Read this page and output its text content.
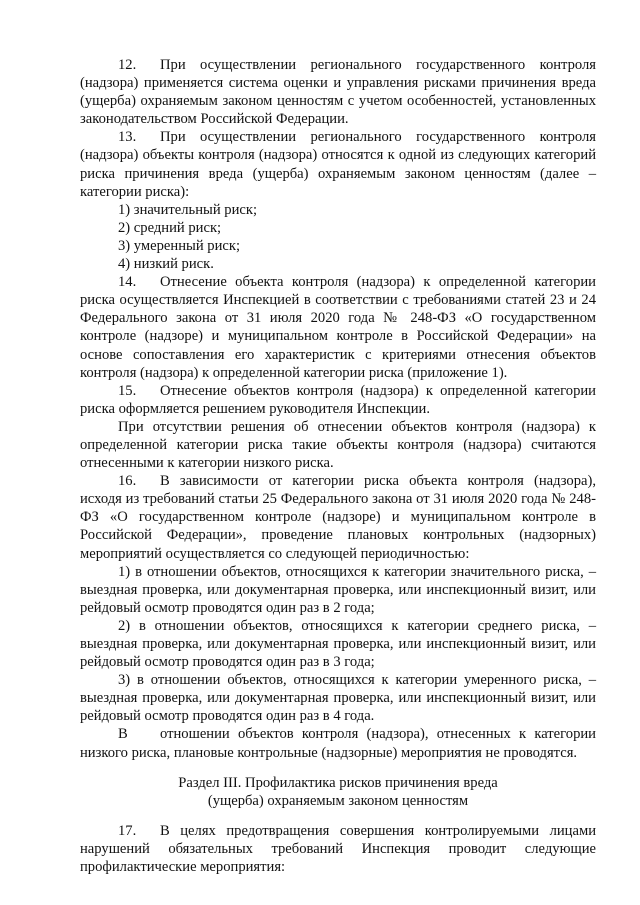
12. При осуществлении регионального государственного контроля (надзора) применяется система оценки и управления рисками причинения вреда (ущерба) охраняемым законом ценностям с учетом особенностей, установленных законодательством Российской Федерации.

13. При осуществлении регионального государственного контроля (надзора) объекты контроля (надзора) относятся к одной из следующих категорий риска причинения вреда (ущерба) охраняемым законом ценностям (далее – категории риска):

1) значительный риск;

2) средний риск;

3) умеренный риск;

4) низкий риск.

14. Отнесение объекта контроля (надзора) к определенной категории риска осуществляется Инспекцией в соответствии с требованиями статей 23 и 24 Федерального закона от 31 июля 2020 года № 248-ФЗ «О государственном контроле (надзоре) и муниципальном контроле в Российской Федерации» на основе сопоставления его характеристик с критериями отнесения объектов контроля (надзора) к определенной категории риска (приложение 1).

15. Отнесение объектов контроля (надзора) к определенной категории риска оформляется решением руководителя Инспекции.

При отсутствии решения об отнесении объектов контроля (надзора) к определенной категории риска такие объекты контроля (надзора) считаются отнесенными к категории низкого риска.

16. В зависимости от категории риска объекта контроля (надзора), исходя из требований статьи 25 Федерального закона от 31 июля 2020 года № 248-ФЗ «О государственном контроле (надзоре) и муниципальном контроле в Российской Федерации», проведение плановых контрольных (надзорных) мероприятий осуществляется со следующей периодичностью:

1) в отношении объектов, относящихся к категории значительного риска, – выездная проверка, или документарная проверка, или инспекционный визит, или рейдовый осмотр проводятся один раз в 2 года;

2) в отношении объектов, относящихся к категории среднего риска, – выездная проверка, или документарная проверка, или инспекционный визит, или рейдовый осмотр проводятся один раз в 3 года;

3) в отношении объектов, относящихся к категории умеренного риска, – выездная проверка, или документарная проверка, или инспекционный визит, или рейдовый осмотр проводятся один раз в 4 года.

В отношении объектов контроля (надзора), отнесенных к категории низкого риска, плановые контрольные (надзорные) мероприятия не проводятся.

Раздел III. Профилактика рисков причинения вреда
(ущерба) охраняемым законом ценностям

17. В целях предотвращения совершения контролируемыми лицами нарушений обязательных требований Инспекция проводит следующие профилактические мероприятия:
